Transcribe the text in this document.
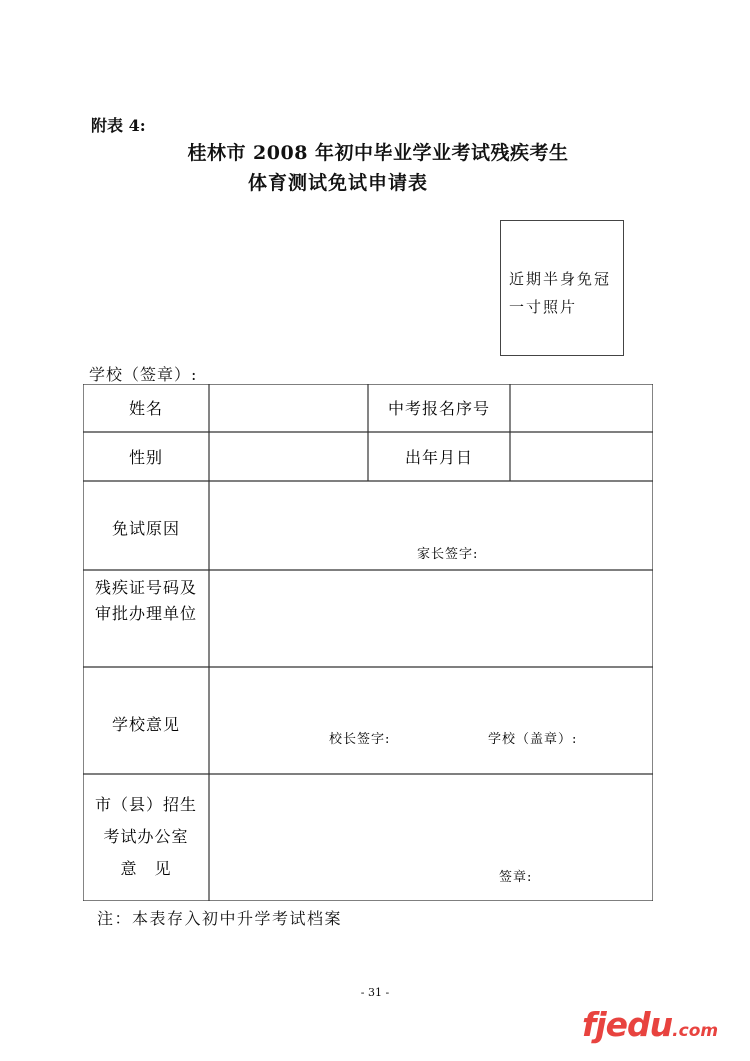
附表 4:
桂林市 2008 年初中毕业学业考试残疾考生
体育测试免试申请表
近期半身免冠
一寸照片
学校（签章）:
姓名	中考报名序号
性别	出年月日
免试原因
家长签字:
残疾证号码及
审批办理单位
学校意见
校长签字:	学校（盖章）:
市（县）招生
考试办公室
意　见	签章:
注：本表存入初中升学考试档案
- 31 -
fjedu.com
